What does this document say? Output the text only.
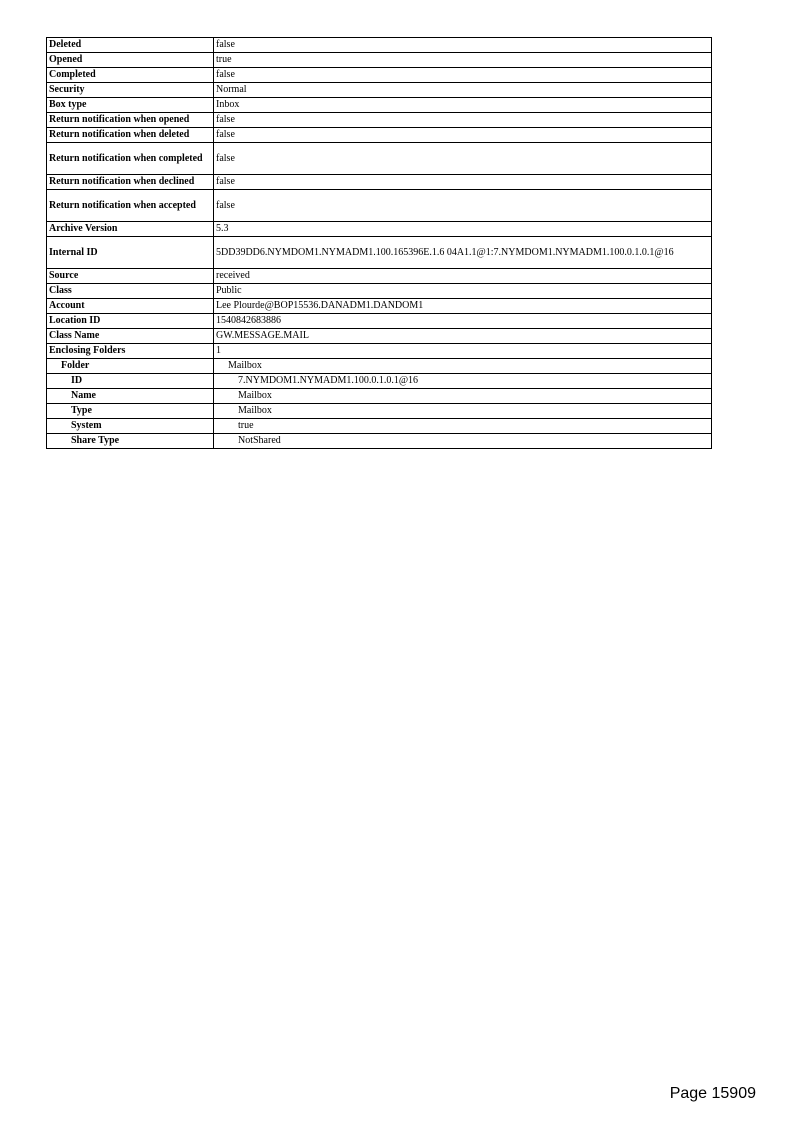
Deleted	false
Opened	true
Completed	false
Security	Normal
Box type	Inbox
Return notification when opened	false
Return notification when deleted	false
Return notification when completed	false
Return notification when declined	false
Return notification when accepted	false
Archive Version	5.3
Internal ID	5DD39DD6.NYMDOM1.NYMADM1.100.165396E.1.6 04A1.1@1:7.NYMDOM1.NYMADM1.100.0.1.0.1@16
Source	received
Class	Public
Account	Lee Plourde@BOP15536.DANADM1.DANDOM1
Location ID	1540842683886
Class Name	GW.MESSAGE.MAIL
Enclosing Folders	1
Folder	Mailbox
ID	7.NYMDOM1.NYMADM1.100.0.1.0.1@16
Name	Mailbox
Type	Mailbox
System	true
Share Type	NotShared
Page 15909
